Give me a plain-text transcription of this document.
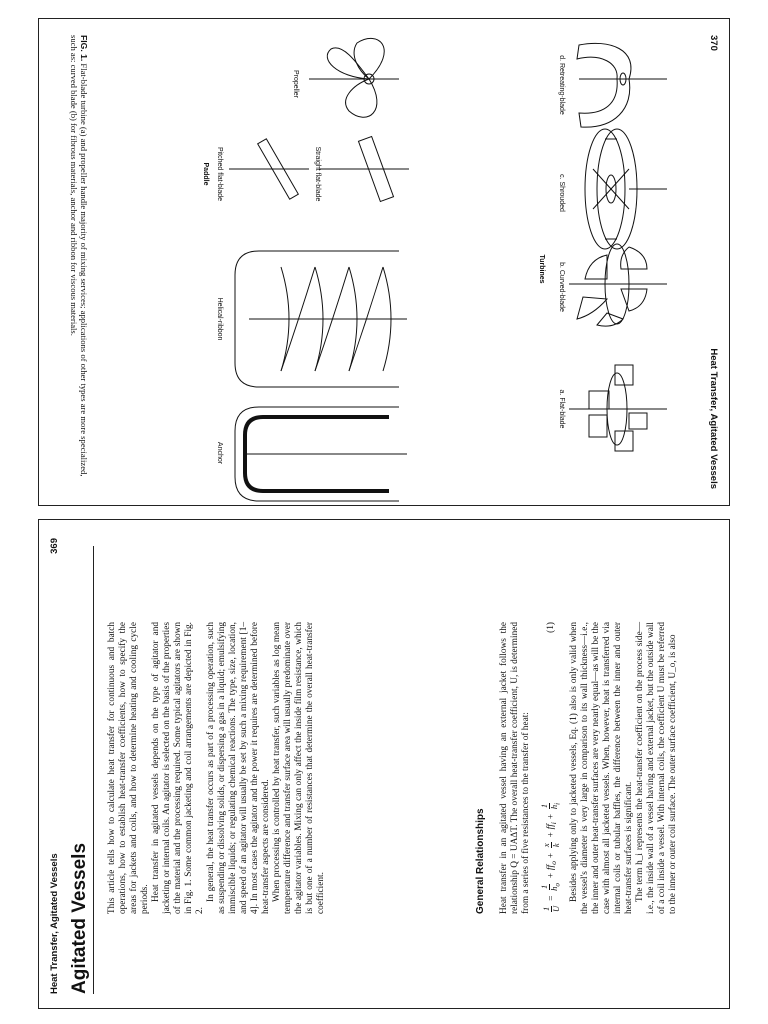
Heat Transfer, Agitated Vessels
369
Agitated Vessels

This article tells how to calculate heat transfer for continuous and batch operations, how to establish heat-transfer coefficients, how to specify the areas for jackets and coils, and how to determine heating and cooling cycle periods. Heat transfer in agitated vessels depends on the type of agitator and jacketing or internal coils. An agitator is selected on the basis of the properties of the material and the processing required. Some typical agitators are shown in Fig. 1. Some common jacketing and coil arrangements are depicted in Fig. 2.

In general, the heat transfer occurs as part of a processing operation, such as suspending or dissolving solids, or dispersing a gas in a liquid; emulsifying immiscible liquids; or regulating chemical reactions. The type, size, location, and speed of an agitator will usually be set by such a mixing requirement [1–4]. In most cases the agitator and the power it requires are determined before heat-transfer aspects are considered. When processing is controlled by heat transfer, such variables as log mean temperature difference and transfer surface area will usually predominate over the agitator variables. Mixing can only affect the inside film resistance, which is but one of a number of resistances that determine the overall heat-transfer coefficient.	General Relationships Heat transfer in an agitated vessel having an external jacket follows the relationship Q = UAΔT. The overall heat-transfer coefficient, U, is determined from a series of five resistances to the transfer of heat: 1 U
=
1 $h_o$
+ $ff_o$ +
x k
+ $ff_i$ +
1 $h_i$
(1) Besides applying only to jacketed vessels, Eq. (1) also is only valid when the vessel's diameter is very large in comparison to its wall thickness—i.e., the inner and outer heat-transfer surfaces are very nearly equal—as will be the case with almost all jacketed vessels. When, however, heat is transferred via internal coils or tubular baffles, the difference between the inner and outer heat-transfer surfaces is significant. The term h_i represents the heat-transfer coefficient on the process side—i.e., the inside wall of a vessel having and external jacket, but the outside wall of a coil inside a vessel. With internal coils, the coefficient U must be referred to the inner or outer coil surface. The outer surface coefficient, U_o, is also

370
Heat Transfer, Agitated Vessels
d. Retreating-blade
c. Shrouded
b. Curved-blade
a. Flat-blade
Turbines
Propeller
Straight flat-blade
Pitched flat-blade
Paddle
Helical-ribbon
Anchor
FIG. 1. Flat-blade turbine (a) and propeller handle majority of mixing services; applications of other types are more specialized, such as: curved blade (b) for fibrous materials, anchor and ribbon for viscous materials.
